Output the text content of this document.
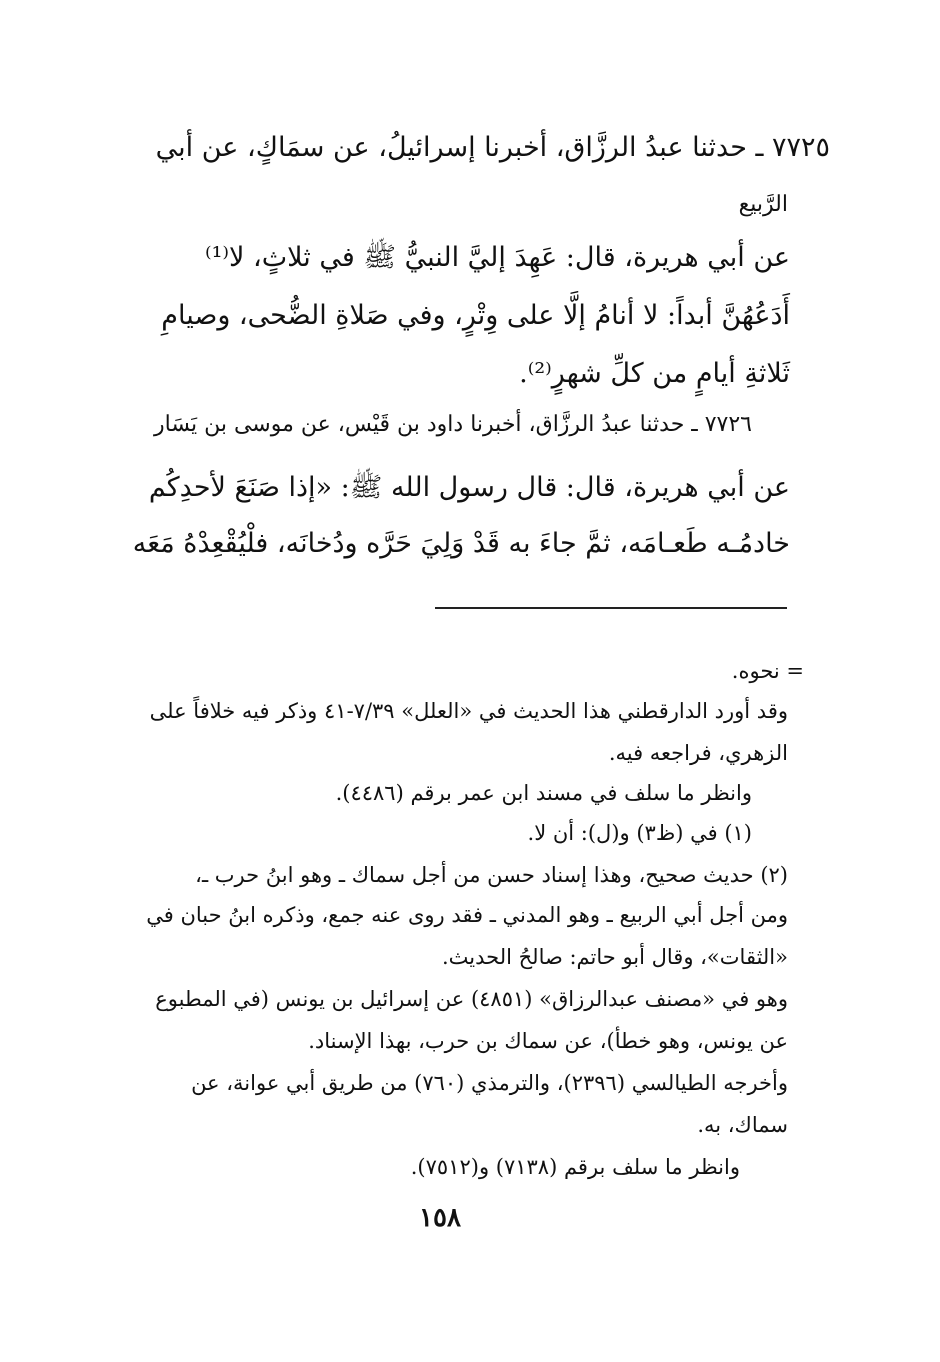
٧٧٢٥ ـ حدثنا عبدُ الرزَّاق، أخبرنا إسرائيلُ، عن سمَاكٍ، عن أبي
الرَّبيع
عن أبي هريرة، قال: عَهِدَ إليَّ النبيُّ ﷺ في ثلاثٍ، لا⁽¹⁾
أَدَعُهُنَّ أبداً: لا أنامُ إلَّا على وِتْرٍ، وفي صَلاةِ الضُّحى، وصيامِ
ثَلاثةِ أيامٍ من كلِّ شهرٍ⁽²⁾.
٧٧٢٦ ـ حدثنا عبدُ الرزَّاق، أخبرنا داود بن قَيْس، عن موسى بن يَسَار
عن أبي هريرة، قال: قال رسول الله ﷺ: «إذا صَنَعَ لأحدِكُم
خادمُـه طَعـامَه، ثمَّ جاءَ به قَدْ وَلِيَ حَرَّه ودُخانَه، فلْيُقْعِدْهُ مَعَه
= نحوه.
وقد أورد الدارقطني هذا الحديث في «العلل» ٧/٣٩-٤١ وذكر فيه خلافاً على
الزهري، فراجعه فيه.
وانظر ما سلف في مسند ابن عمر برقم (٤٤٨٦).
(١) في (ظ٣) و(ل): أن لا.
(٢) حديث صحيح، وهذا إسناد حسن من أجل سماك ـ وهو ابنُ حرب ـ،
ومن أجل أبي الربيع ـ وهو المدني ـ فقد روى عنه جمع، وذكره ابنُ حبان في
«الثقات»، وقال أبو حاتم: صالحُ الحديث.
وهو في «مصنف عبدالرزاق» (٤٨٥١) عن إسرائيل بن يونس (في المطبوع
عن يونس، وهو خطأ)، عن سماك بن حرب، بهذا الإسناد.
وأخرجه الطيالسي (٢٣٩٦)، والترمذي (٧٦٠) من طريق أبي عوانة، عن
سماك، به.
وانظر ما سلف برقم (٧١٣٨) و(٧٥١٢).
١٥٨
